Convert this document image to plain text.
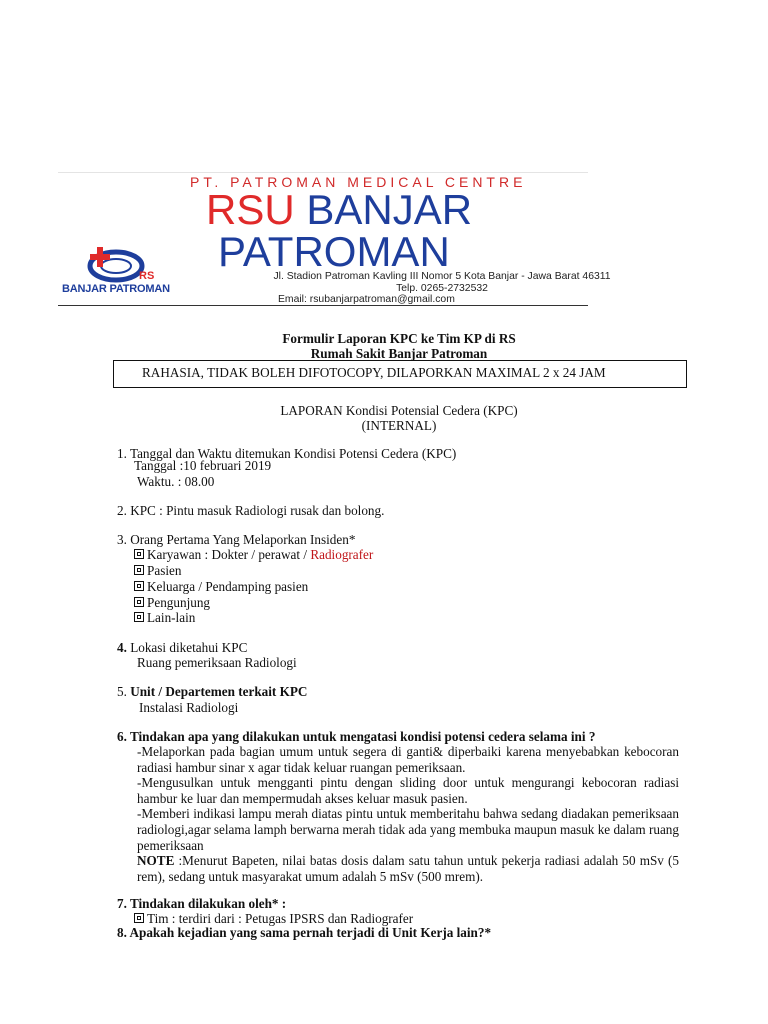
PT. PATROMAN MEDICAL CENTRE
RSU BANJAR
PATROMAN
RS
BANJAR PATROMAN
Jl. Stadion Patroman Kavling III Nomor 5 Kota Banjar - Jawa Barat 46311 Telp. 0265-2732532
Email: rsubanjarpatroman@gmail.com
Formulir Laporan KPC ke Tim KP di RS
Rumah Sakit Banjar Patroman
RAHASIA, TIDAK BOLEH DIFOTOCOPY, DILAPORKAN MAXIMAL 2 x 24 JAM
LAPORAN Kondisi Potensial Cedera (KPC)
(INTERNAL)
1. Tanggal dan Waktu ditemukan Kondisi Potensi Cedera (KPC)
Tanggal :10 februari 2019
Waktu. : 08.00
2. KPC : Pintu masuk Radiologi rusak dan bolong.
3. Orang Pertama Yang Melaporkan Insiden*
Karyawan : Dokter / perawat / Radiografer
Pasien
Keluarga / Pendamping pasien
Pengunjung
Lain-lain
4. Lokasi diketahui KPC
Ruang pemeriksaan Radiologi
5. Unit / Departemen terkait KPC
Instalasi Radiologi
6. Tindakan apa yang dilakukan untuk mengatasi kondisi potensi cedera selama ini ?
-Melaporkan pada bagian umum untuk segera di ganti& diperbaiki karena menyebabkan kebocoran radiasi hambur sinar x agar tidak keluar ruangan pemeriksaan.
-Mengusulkan untuk mengganti pintu dengan sliding door untuk mengurangi kebocoran radiasi hambur ke luar dan mempermudah akses keluar masuk pasien.
-Memberi indikasi lampu merah diatas pintu untuk memberitahu bahwa sedang diadakan pemeriksaan radiologi,agar selama lamph berwarna merah tidak ada yang membuka maupun masuk ke dalam ruang pemeriksaan
NOTE :Menurut Bapeten, nilai batas dosis dalam satu tahun untuk pekerja radiasi adalah 50 mSv (5 rem), sedang untuk masyarakat umum adalah 5 mSv (500 mrem).
7. Tindakan dilakukan oleh* :
Tim : terdiri dari : Petugas IPSRS dan Radiografer
8. Apakah kejadian yang sama pernah terjadi di Unit Kerja lain?*
